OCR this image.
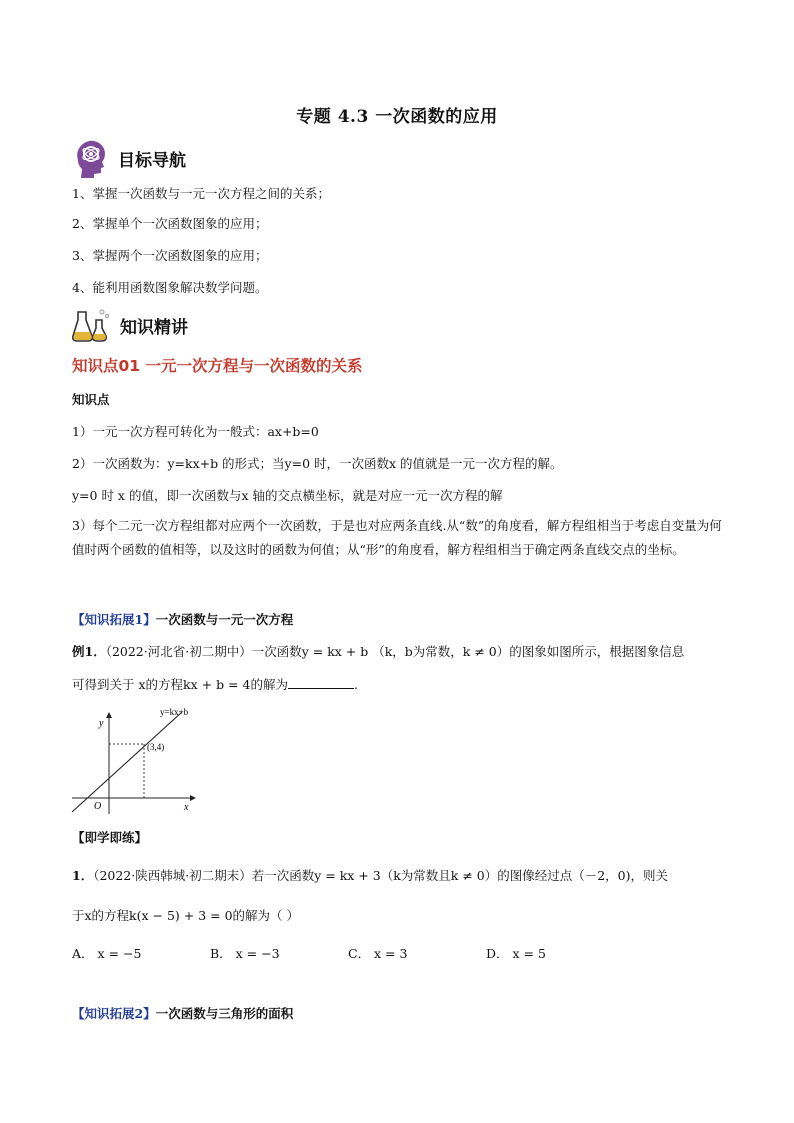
专题 4.3 一次函数的应用
目标导航
1、掌握一次函数与一元一次方程之间的关系；
2、掌握单个一次函数图象的应用；
3、掌握两个一次函数图象的应用；
4、能利用函数图象解决数学问题。
知识精讲
知识点01 一元一次方程与一次函数的关系
知识点
1）一元一次方程可转化为一般式：ax+b=0
2）一次函数为：y=kx+b 的形式；当y=0 时，一次函数x 的值就是一元一次方程的解。
y=0 时 x 的值，即一次函数与x 轴的交点横坐标，就是对应一元一次方程的解
3）每个二元一次方程组都对应两个一次函数，于是也对应两条直线.从“数”的角度看，解方程组相当于考虑自变量为何值时两个函数的值相等，以及这时的函数为何值；从“形”的角度看，解方程组相当于确定两条直线交点的坐标。
【知识拓展1】一次函数与一元一次方程
例1．（2022·河北省·初二期中）一次函数y = kx + b （k，b为常数，k ≠ 0）的图象如图所示，根据图象信息
可得到关于 x的方程kx + b = 4的解为	.
y
x
O
(3,4)
y=kx+b
【即学即练】
1．（2022·陕西韩城·初二期末）若一次函数y = kx + 3（k为常数且k ≠ 0）的图像经过点（－2，0)，则关
于x的方程k(x − 5) + 3 = 0的解为（ ）
A． x = −5	B． x = −3	C． x = 3	D． x = 5
【知识拓展2】一次函数与三角形的面积
